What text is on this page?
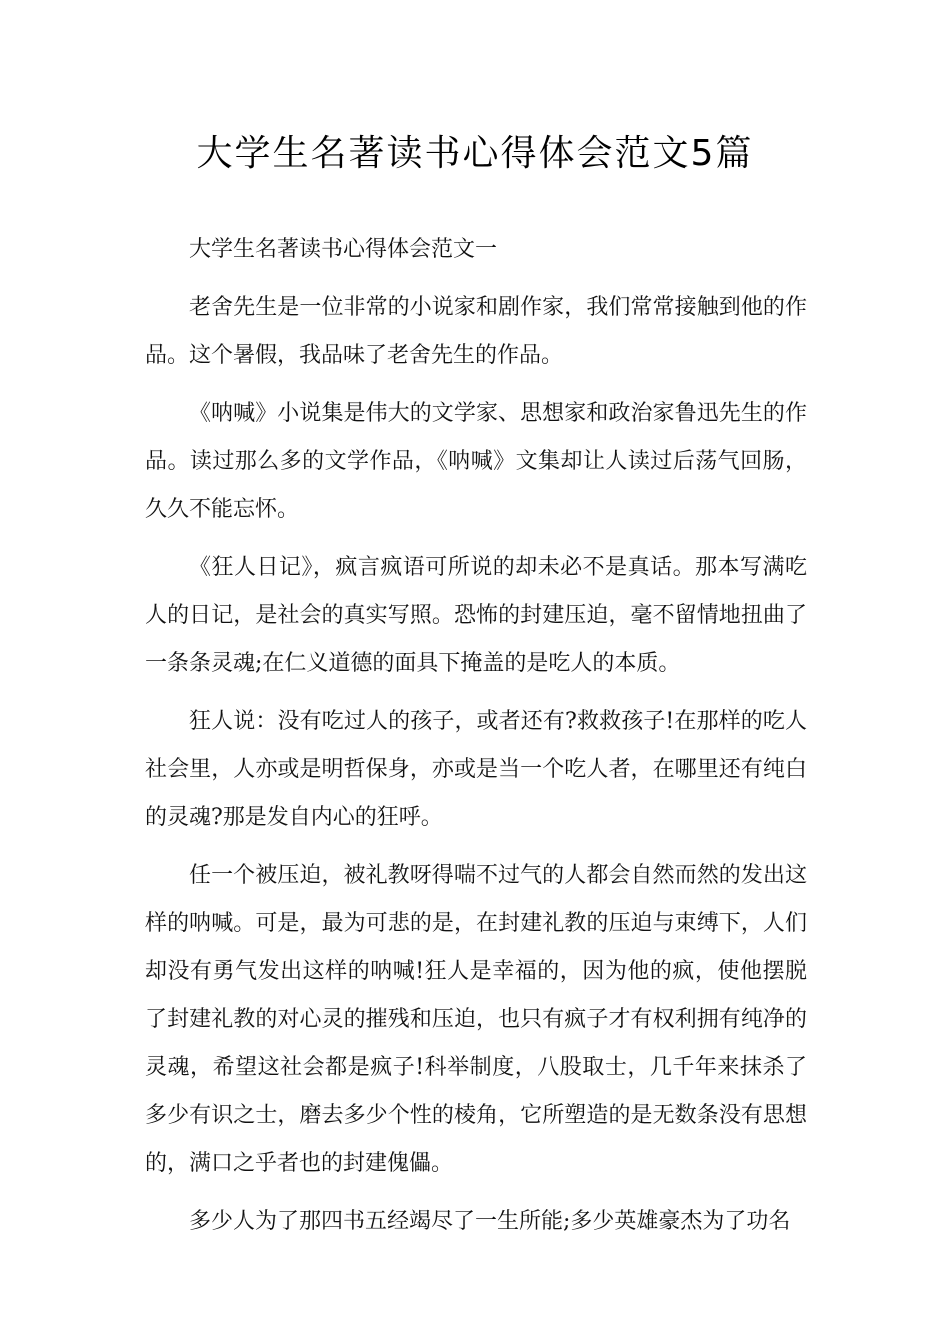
大学生名著读书心得体会范文5篇

大学生名著读书心得体会范文一

老舍先生是一位非常的小说家和剧作家，我们常常接触到他的作品。这个暑假，我品味了老舍先生的作品。

《呐喊》小说集是伟大的文学家、思想家和政治家鲁迅先生的作品。读过那么多的文学作品，《呐喊》文集却让人读过后荡气回肠，久久不能忘怀。

《狂人日记》，疯言疯语可所说的却未必不是真话。那本写满吃人的日记，是社会的真实写照。恐怖的封建压迫，毫不留情地扭曲了一条条灵魂;在仁义道德的面具下掩盖的是吃人的本质。

狂人说：没有吃过人的孩子，或者还有?救救孩子!在那样的吃人社会里，人亦或是明哲保身，亦或是当一个吃人者，在哪里还有纯白的灵魂?那是发自内心的狂呼。

任一个被压迫，被礼教呀得喘不过气的人都会自然而然的发出这样的呐喊。可是，最为可悲的是，在封建礼教的压迫与束缚下，人们却没有勇气发出这样的呐喊!狂人是幸福的，因为他的疯，使他摆脱了封建礼教的对心灵的摧残和压迫，也只有疯子才有权利拥有纯净的灵魂，希望这社会都是疯子!科举制度，八股取士，几千年来抹杀了多少有识之士，磨去多少个性的棱角，它所塑造的是无数条没有思想的，满口之乎者也的封建傀儡。

多少人为了那四书五经竭尽了一生所能;多少英雄豪杰为了功名
